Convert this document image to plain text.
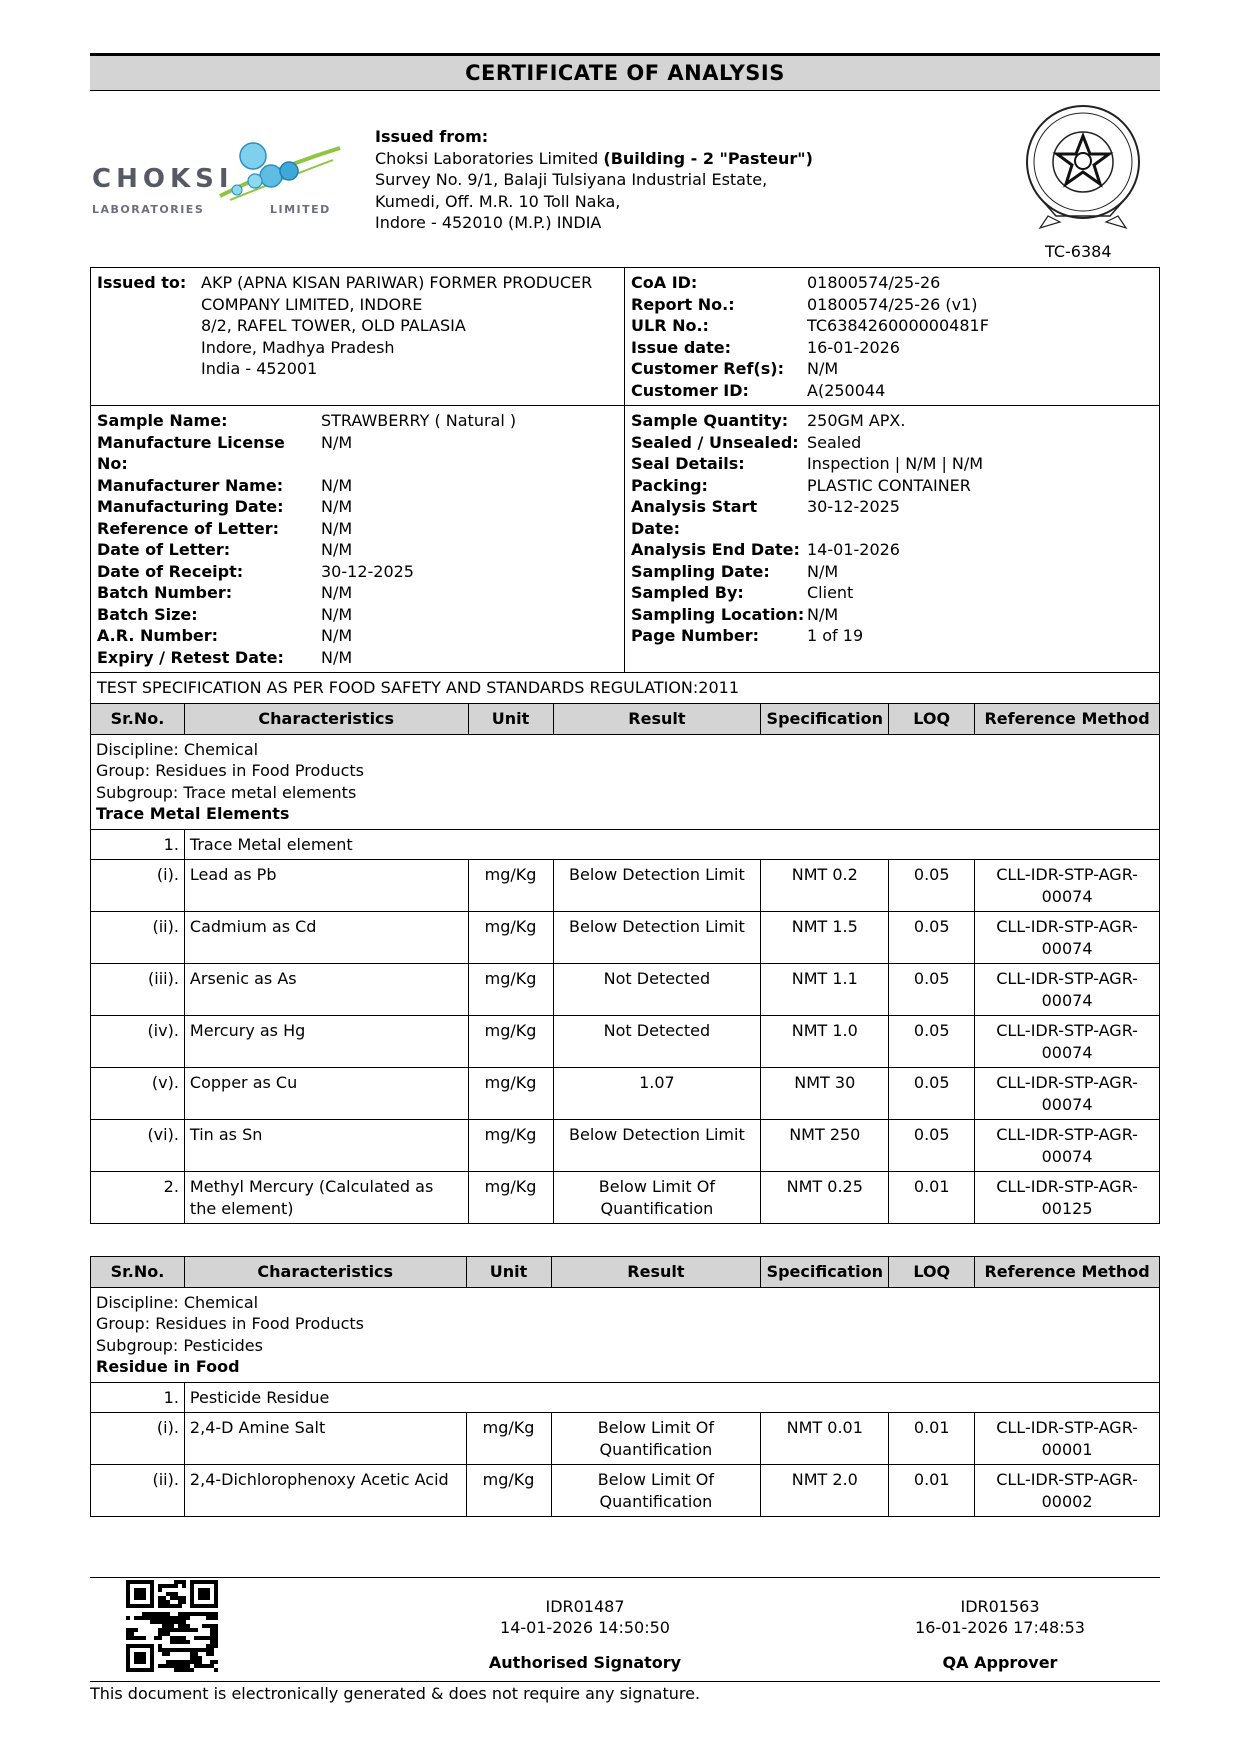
CERTIFICATE OF ANALYSIS
CHOKSI
LABORATORIES	LIMITED
Issued from:
Choksi Laboratories Limited (Building - 2 "Pasteur")
Survey No. 9/1, Balaji Tulsiyana Industrial Estate,
Kumedi, Off. M.R. 10 Toll Naka,
Indore - 452010 (M.P.) INDIA
TC-6384
Issued to: AKP (APNA KISAN PARIWAR) FORMER PRODUCER
COMPANY LIMITED, INDORE
8/2, RAFEL TOWER, OLD PALASIA
Indore, Madhya Pradesh
India - 452001
CoA ID:	01800574/25-26
Report No.:	01800574/25-26 (v1)
ULR No.:	TC638426000000481F
Issue date:	16-01-2026
Customer Ref(s):	N/M
Customer ID:	A(250044
Sample Name:	STRAWBERRY ( Natural )
Manufacture License No:
N/M
Manufacturer Name:	N/M
Manufacturing Date:	N/M
Reference of Letter:	N/M
Date of Letter:	N/M
Date of Receipt:	30-12-2025
Batch Number:	N/M
Batch Size:	N/M
A.R. Number:	N/M
Expiry / Retest Date:	N/M
Sample Quantity:	250GM APX.
Sealed / Unsealed: Sealed
Seal Details:	Inspection | N/M | N/M
Packing:	PLASTIC CONTAINER
Analysis Start Date:
30-12-2025
Analysis End Date: 14-01-2026
Sampling Date:	N/M
Sampled By:	Client
Sampling Location: N/M
Page Number:	1 of 19
TEST SPECIFICATION AS PER FOOD SAFETY AND STANDARDS REGULATION:2011
Sr.No.	Characteristics	Unit	Result	Specification	LOQ	Reference Method

Discipline: Chemical
Group: Residues in Food Products
Subgroup: Trace metal elements
Trace Metal Elements						

1.	Trace Metal element					
(i).	Lead as Pb	mg/Kg	Below Detection Limit	NMT 0.2	0.05	CLL-IDR-STP-AGR-00074
(ii).	Cadmium as Cd	mg/Kg	Below Detection Limit	NMT 1.5	0.05	CLL-IDR-STP-AGR-00074
(iii).	Arsenic as As	mg/Kg	Not Detected	NMT 1.1	0.05	CLL-IDR-STP-AGR-00074
(iv).	Mercury as Hg	mg/Kg	Not Detected	NMT 1.0	0.05	CLL-IDR-STP-AGR-00074
(v).	Copper as Cu	mg/Kg	1.07	NMT 30	0.05	CLL-IDR-STP-AGR-00074
(vi).	Tin as Sn	mg/Kg	Below Detection Limit	NMT 250	0.05	CLL-IDR-STP-AGR-00074
2.	Methyl Mercury (Calculated as the element)	mg/Kg	Below Limit Of Quantification	NMT 0.25	0.01	CLL-IDR-STP-AGR-00125
Sr.No.	Characteristics	Unit	Result	Specification	LOQ	Reference Method

Discipline: Chemical
Group: Residues in Food Products
Subgroup: Pesticides
Residue in Food						

1.	Pesticide Residue					
(i).	2,4-D Amine Salt	mg/Kg	Below Limit Of Quantification	NMT 0.01	0.01	CLL-IDR-STP-AGR-00001
(ii).	2,4-Dichlorophenoxy Acetic Acid	mg/Kg	Below Limit Of Quantification	NMT 2.0	0.01	CLL-IDR-STP-AGR-00002
IDR01487
14-01-2026 14:50:50
Authorised Signatory
IDR01563
16-01-2026 17:48:53
QA Approver
This document is electronically generated & does not require any signature.
